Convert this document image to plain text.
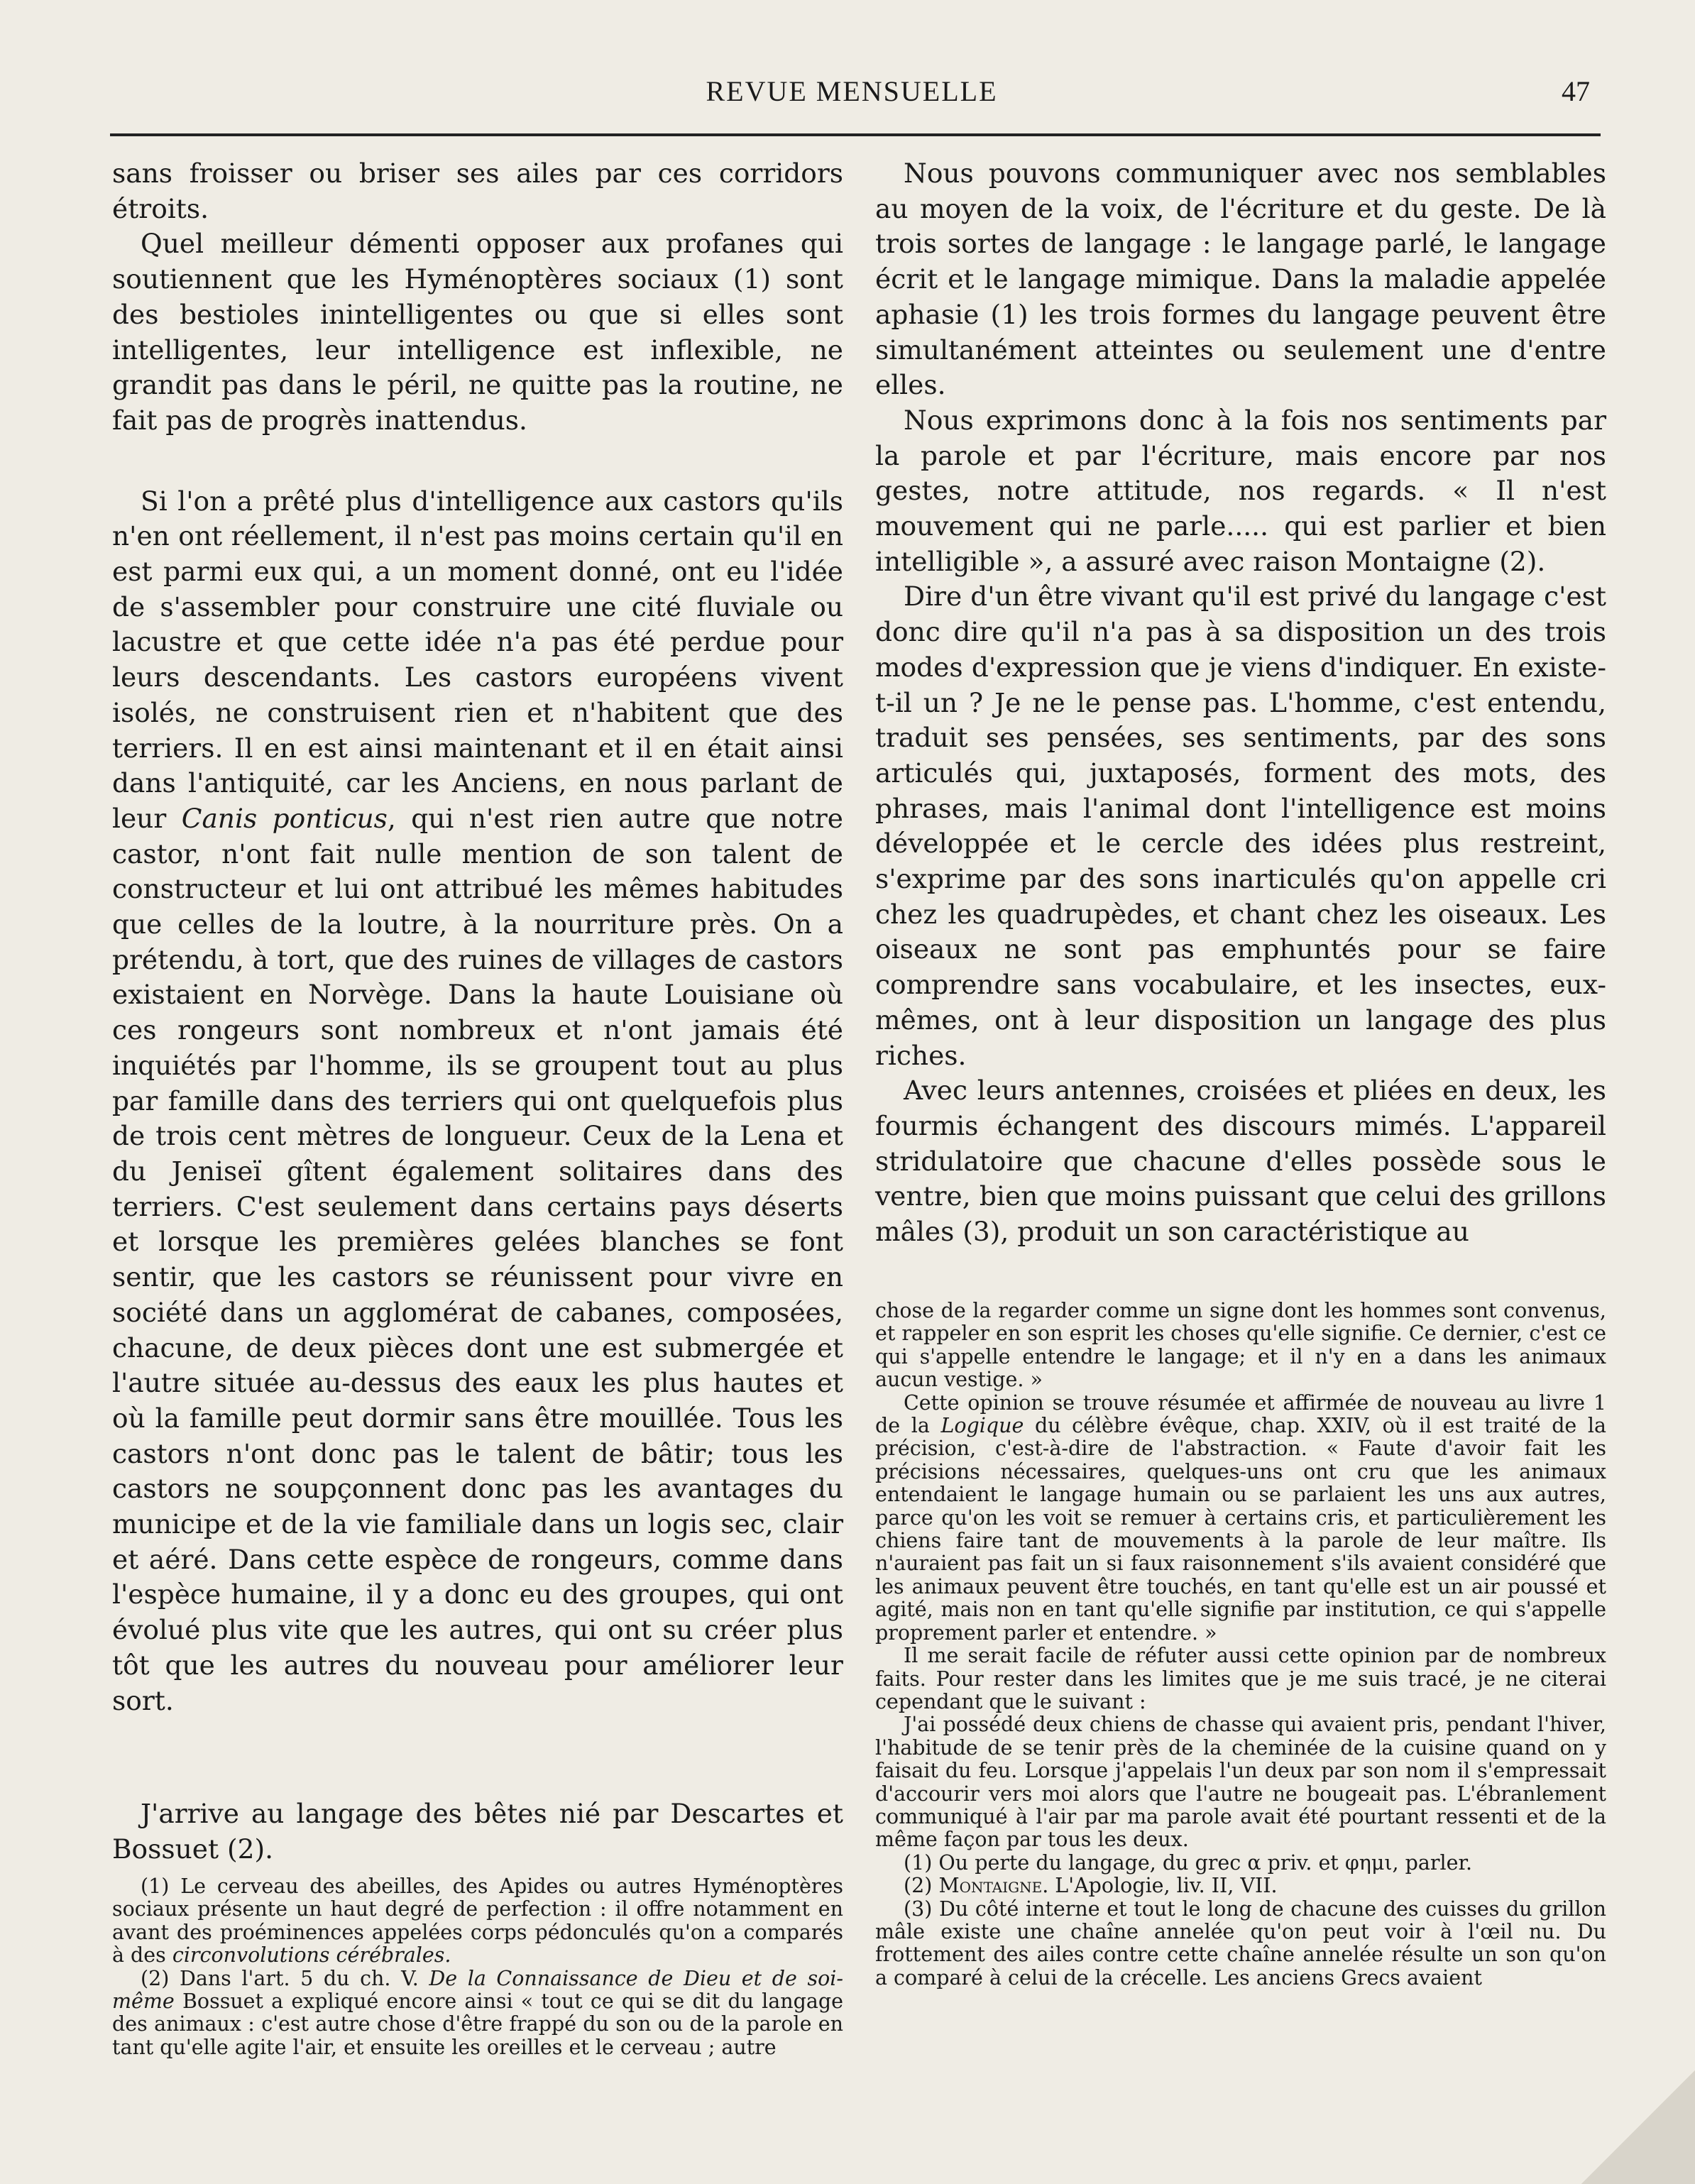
REVUE MENSUELLE	47

sans froisser ou briser ses ailes par ces corridors étroits.

Quel meilleur démenti opposer aux profanes qui soutiennent que les Hyménoptères sociaux (1) sont des bestioles inintelligentes ou que si elles sont intelligentes, leur intelligence est inflexible, ne grandit pas dans le péril, ne quitte pas la routine, ne fait pas de progrès inattendus.

Si l'on a prêté plus d'intelligence aux castors qu'ils n'en ont réellement, il n'est pas moins certain qu'il en est parmi eux qui, a un moment donné, ont eu l'idée de s'assembler pour construire une cité fluviale ou lacustre et que cette idée n'a pas été perdue pour leurs descendants. Les castors européens vivent isolés, ne construisent rien et n'habitent que des terriers. Il en est ainsi maintenant et il en était ainsi dans l'antiquité, car les Anciens, en nous parlant de leur Canis ponticus, qui n'est rien autre que notre castor, n'ont fait nulle mention de son talent de constructeur et lui ont attribué les mêmes habitudes que celles de la loutre, à la nourriture près. On a prétendu, à tort, que des ruines de villages de castors existaient en Norvège. Dans la haute Louisiane où ces rongeurs sont nombreux et n'ont jamais été inquiétés par l'homme, ils se groupent tout au plus par famille dans des terriers qui ont quelquefois plus de trois cent mètres de longueur. Ceux de la Lena et du Jeniseï gîtent également solitaires dans des terriers. C'est seulement dans certains pays déserts et lorsque les premières gelées blanches se font sentir, que les castors se réunissent pour vivre en société dans un agglomérat de cabanes, composées, chacune, de deux pièces dont une est submergée et l'autre située au-dessus des eaux les plus hautes et où la famille peut dormir sans être mouillée. Tous les castors n'ont donc pas le talent de bâtir; tous les castors ne soupçonnent donc pas les avantages du municipe et de la vie familiale dans un logis sec, clair et aéré. Dans cette espèce de rongeurs, comme dans l'espèce humaine, il y a donc eu des groupes, qui ont évolué plus vite que les autres, qui ont su créer plus tôt que les autres du nouveau pour améliorer leur sort.

J'arrive au langage des bêtes nié par Descartes et Bossuet (2).

(1) Le cerveau des abeilles, des Apides ou autres Hyménoptères sociaux présente un haut degré de perfection : il offre notamment en avant des proéminences appelées corps pédonculés qu'on a comparés à des circonvolutions cérébrales.

(2) Dans l'art. 5 du ch. V. De la Connaissance de Dieu et de soi-même Bossuet a expliqué encore ainsi « tout ce qui se dit du langage des animaux : c'est autre chose d'être frappé du son ou de la parole en tant qu'elle agite l'air, et ensuite les oreilles et le cerveau ; autre

Nous pouvons communiquer avec nos semblables au moyen de la voix, de l'écriture et du geste. De là trois sortes de langage : le langage parlé, le langage écrit et le langage mimique. Dans la maladie appelée aphasie (1) les trois formes du langage peuvent être simultanément atteintes ou seulement une d'entre elles.

Nous exprimons donc à la fois nos sentiments par la parole et par l'écriture, mais encore par nos gestes, notre attitude, nos regards. « Il n'est mouvement qui ne parle..... qui est parlier et bien intelligible », a assuré avec raison Montaigne (2).

Dire d'un être vivant qu'il est privé du langage c'est donc dire qu'il n'a pas à sa disposition un des trois modes d'expression que je viens d'indiquer. En existe-t-il un ? Je ne le pense pas. L'homme, c'est entendu, traduit ses pensées, ses sentiments, par des sons articulés qui, juxtaposés, forment des mots, des phrases, mais l'animal dont l'intelligence est moins développée et le cercle des idées plus restreint, s'exprime par des sons inarticulés qu'on appelle cri chez les quadrupèdes, et chant chez les oiseaux. Les oiseaux ne sont pas emphuntés pour se faire comprendre sans vocabulaire, et les insectes, eux-mêmes, ont à leur disposition un langage des plus riches.

Avec leurs antennes, croisées et pliées en deux, les fourmis échangent des discours mimés. L'appareil stridulatoire que chacune d'elles possède sous le ventre, bien que moins puissant que celui des grillons mâles (3), produit un son caractéristique au

chose de la regarder comme un signe dont les hommes sont convenus, et rappeler en son esprit les choses qu'elle signifie. Ce dernier, c'est ce qui s'appelle entendre le langage; et il n'y en a dans les animaux aucun vestige. »

Cette opinion se trouve résumée et affirmée de nouveau au livre 1 de la Logique du célèbre évêque, chap. XXIV, où il est traité de la précision, c'est-à-dire de l'abstraction. « Faute d'avoir fait les précisions nécessaires, quelques-uns ont cru que les animaux entendaient le langage humain ou se parlaient les uns aux autres, parce qu'on les voit se remuer à certains cris, et particulièrement les chiens faire tant de mouvements à la parole de leur maître. Ils n'auraient pas fait un si faux raisonnement s'ils avaient considéré que les animaux peuvent être touchés, en tant qu'elle est un air poussé et agité, mais non en tant qu'elle signifie par institution, ce qui s'appelle proprement parler et entendre. »

Il me serait facile de réfuter aussi cette opinion par de nombreux faits. Pour rester dans les limites que je me suis tracé, je ne citerai cependant que le suivant :

J'ai possédé deux chiens de chasse qui avaient pris, pendant l'hiver, l'habitude de se tenir près de la cheminée de la cuisine quand on y faisait du feu. Lorsque j'appelais l'un deux par son nom il s'empressait d'accourir vers moi alors que l'autre ne bougeait pas. L'ébranlement communiqué à l'air par ma parole avait été pourtant ressenti et de la même façon par tous les deux.

(1) Ou perte du langage, du grec α priv. et φημι, parler.

(2) Montaigne. L'Apologie, liv. II, VII.

(3) Du côté interne et tout le long de chacune des cuisses du grillon mâle existe une chaîne annelée qu'on peut voir à l'œil nu. Du frottement des ailes contre cette chaîne annelée résulte un son qu'on a comparé à celui de la crécelle. Les anciens Grecs avaient
